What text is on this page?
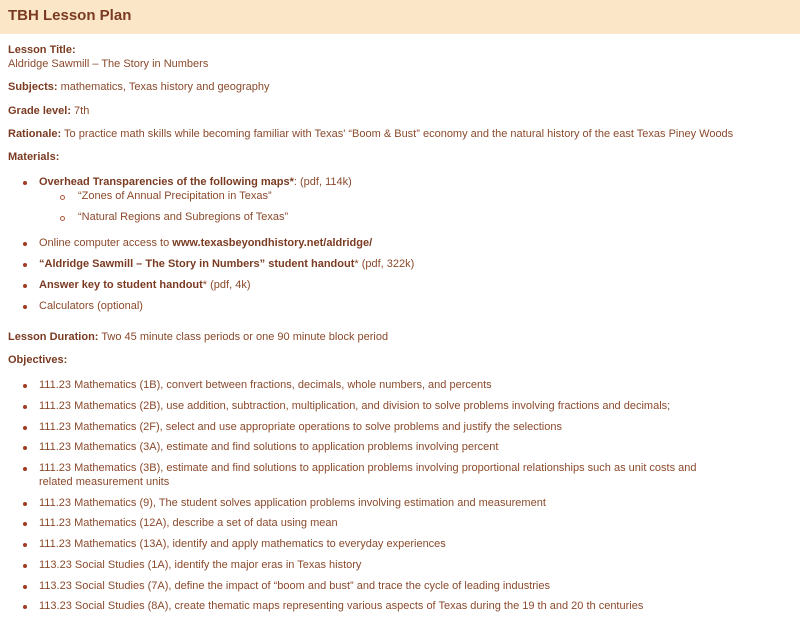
TBH Lesson Plan
Lesson Title:
Aldridge Sawmill – The Story in Numbers
Subjects: mathematics, Texas history and geography
Grade level: 7th
Rationale: To practice math skills while becoming familiar with Texas' “Boom & Bust” economy and the natural history of the east Texas Piney Woods
Materials:
Overhead Transparencies of the following maps*: (pdf, 114k)
“Zones of Annual Precipitation in Texas”
“Natural Regions and Subregions of Texas”
Online computer access to www.texasbeyondhistory.net/aldridge/
“Aldridge Sawmill – The Story in Numbers” student handout* (pdf, 322k)
Answer key to student handout* (pdf, 4k)
Calculators (optional)
Lesson Duration: Two 45 minute class periods or one 90 minute block period
Objectives:
111.23 Mathematics (1B), convert between fractions, decimals, whole numbers, and percents
111.23 Mathematics (2B), use addition, subtraction, multiplication, and division to solve problems involving fractions and decimals;
111.23 Mathematics (2F), select and use appropriate operations to solve problems and justify the selections
111.23 Mathematics (3A), estimate and find solutions to application problems involving percent
111.23 Mathematics (3B), estimate and find solutions to application problems involving proportional relationships such as unit costs and related measurement units
111.23 Mathematics (9), The student solves application problems involving estimation and measurement
111.23 Mathematics (12A), describe a set of data using mean
111.23 Mathematics (13A), identify and apply mathematics to everyday experiences
113.23 Social Studies (1A), identify the major eras in Texas history
113.23 Social Studies (7A), define the impact of “boom and bust” and trace the cycle of leading industries
113.23 Social Studies (8A), create thematic maps representing various aspects of Texas during the 19 th and 20 th centuries
